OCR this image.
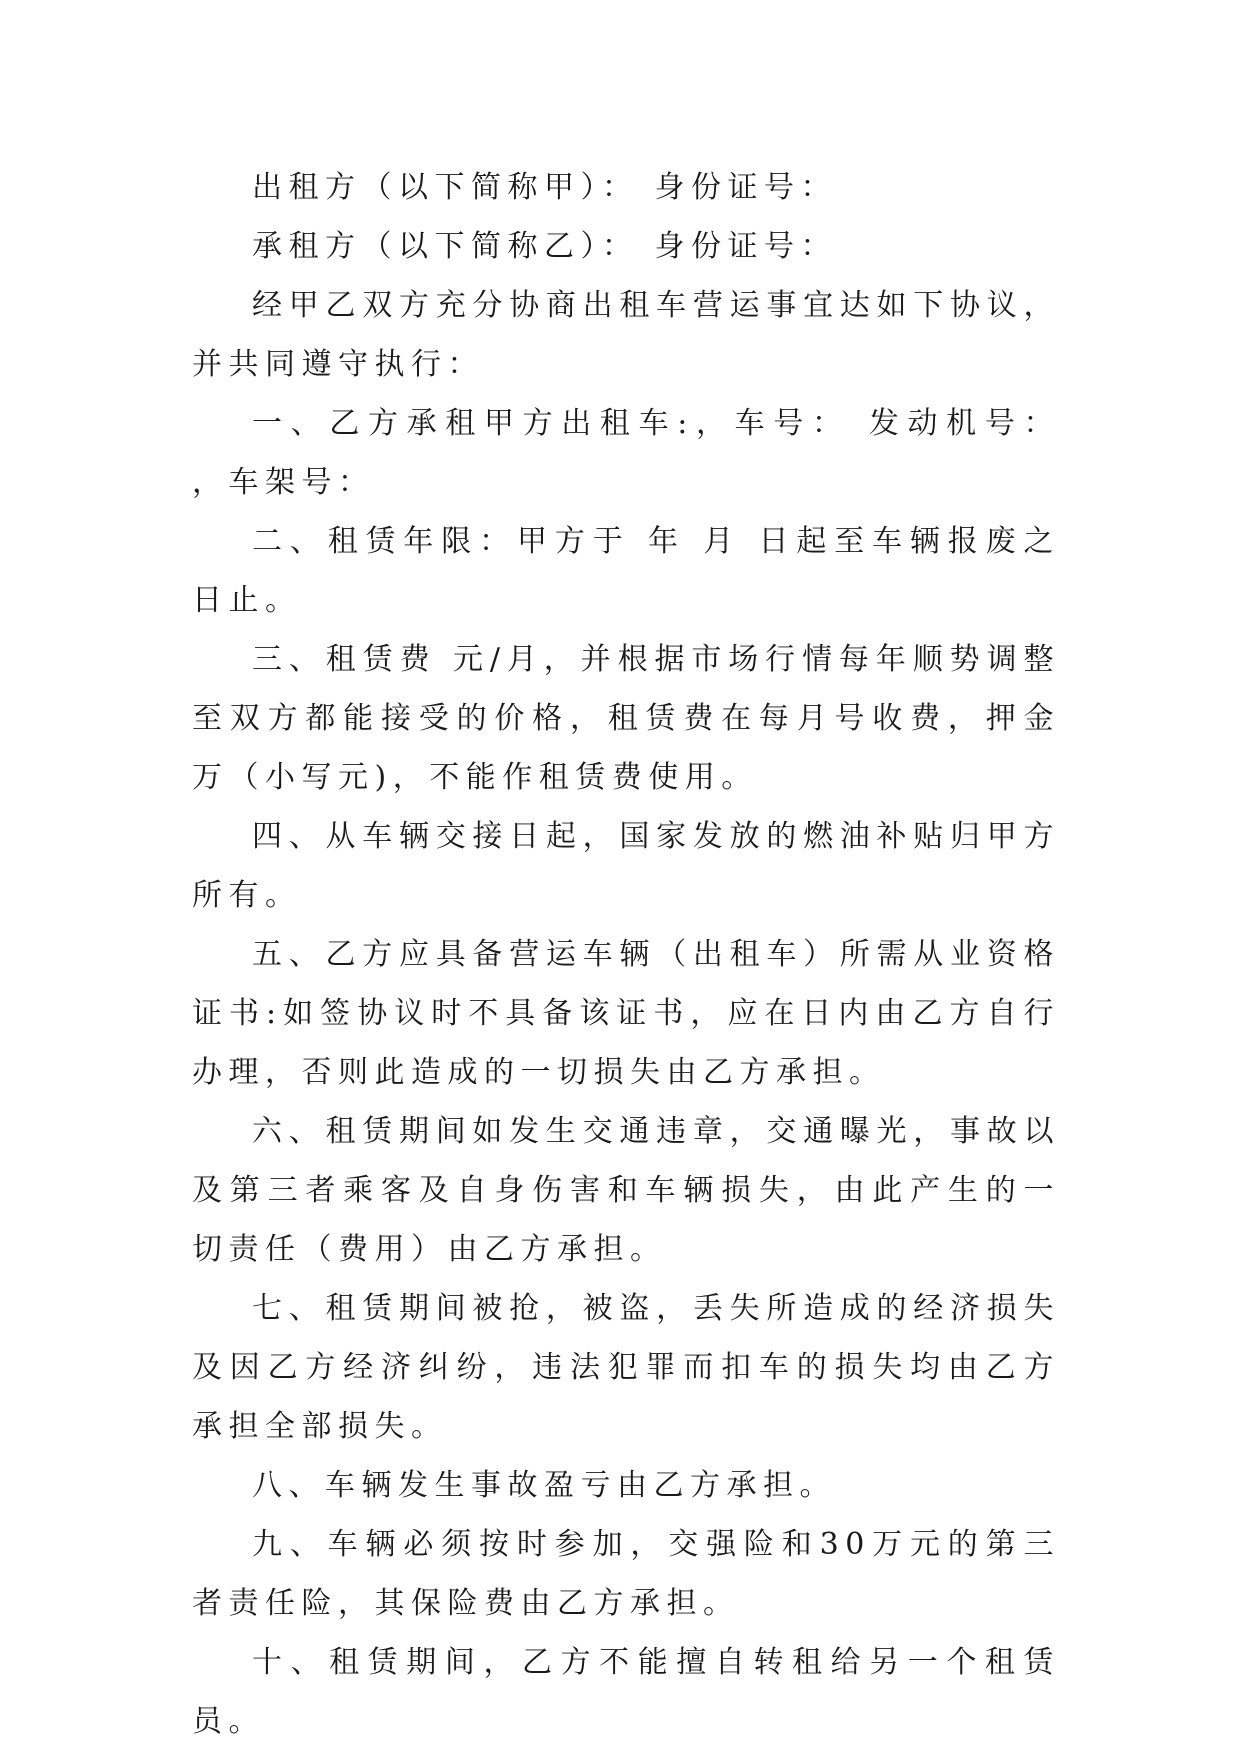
出租方（以下简称甲）： 身份证号：

承租方（以下简称乙）： 身份证号：

经甲乙双方充分协商出租车营运事宜达如下协议，并共同遵守执行：

一、乙方承租甲方出租车:，车号： 发动机号： ，车架号：

二、租赁年限：甲方于 年 月 日起至车辆报废之日止。

三、租赁费 元/月，并根据市场行情每年顺势调整至双方都能接受的价格，租赁费在每月号收费，押金 万（小写元)，不能作租赁费使用。

四、从车辆交接日起，国家发放的燃油补贴归甲方所有。

五、乙方应具备营运车辆（出租车）所需从业资格证书:如签协议时不具备该证书，应在日内由乙方自行办理，否则此造成的一切损失由乙方承担。

六、租赁期间如发生交通违章，交通曝光，事故以及第三者乘客及自身伤害和车辆损失，由此产生的一切责任（费用）由乙方承担。

七、租赁期间被抢，被盗，丢失所造成的经济损失及因乙方经济纠纷，违法犯罪而扣车的损失均由乙方承担全部损失。

八、车辆发生事故盈亏由乙方承担。

九、车辆必须按时参加，交强险和30万元的第三者责任险，其保险费由乙方承担。

十、租赁期间，乙方不能擅自转租给另一个租赁员。
